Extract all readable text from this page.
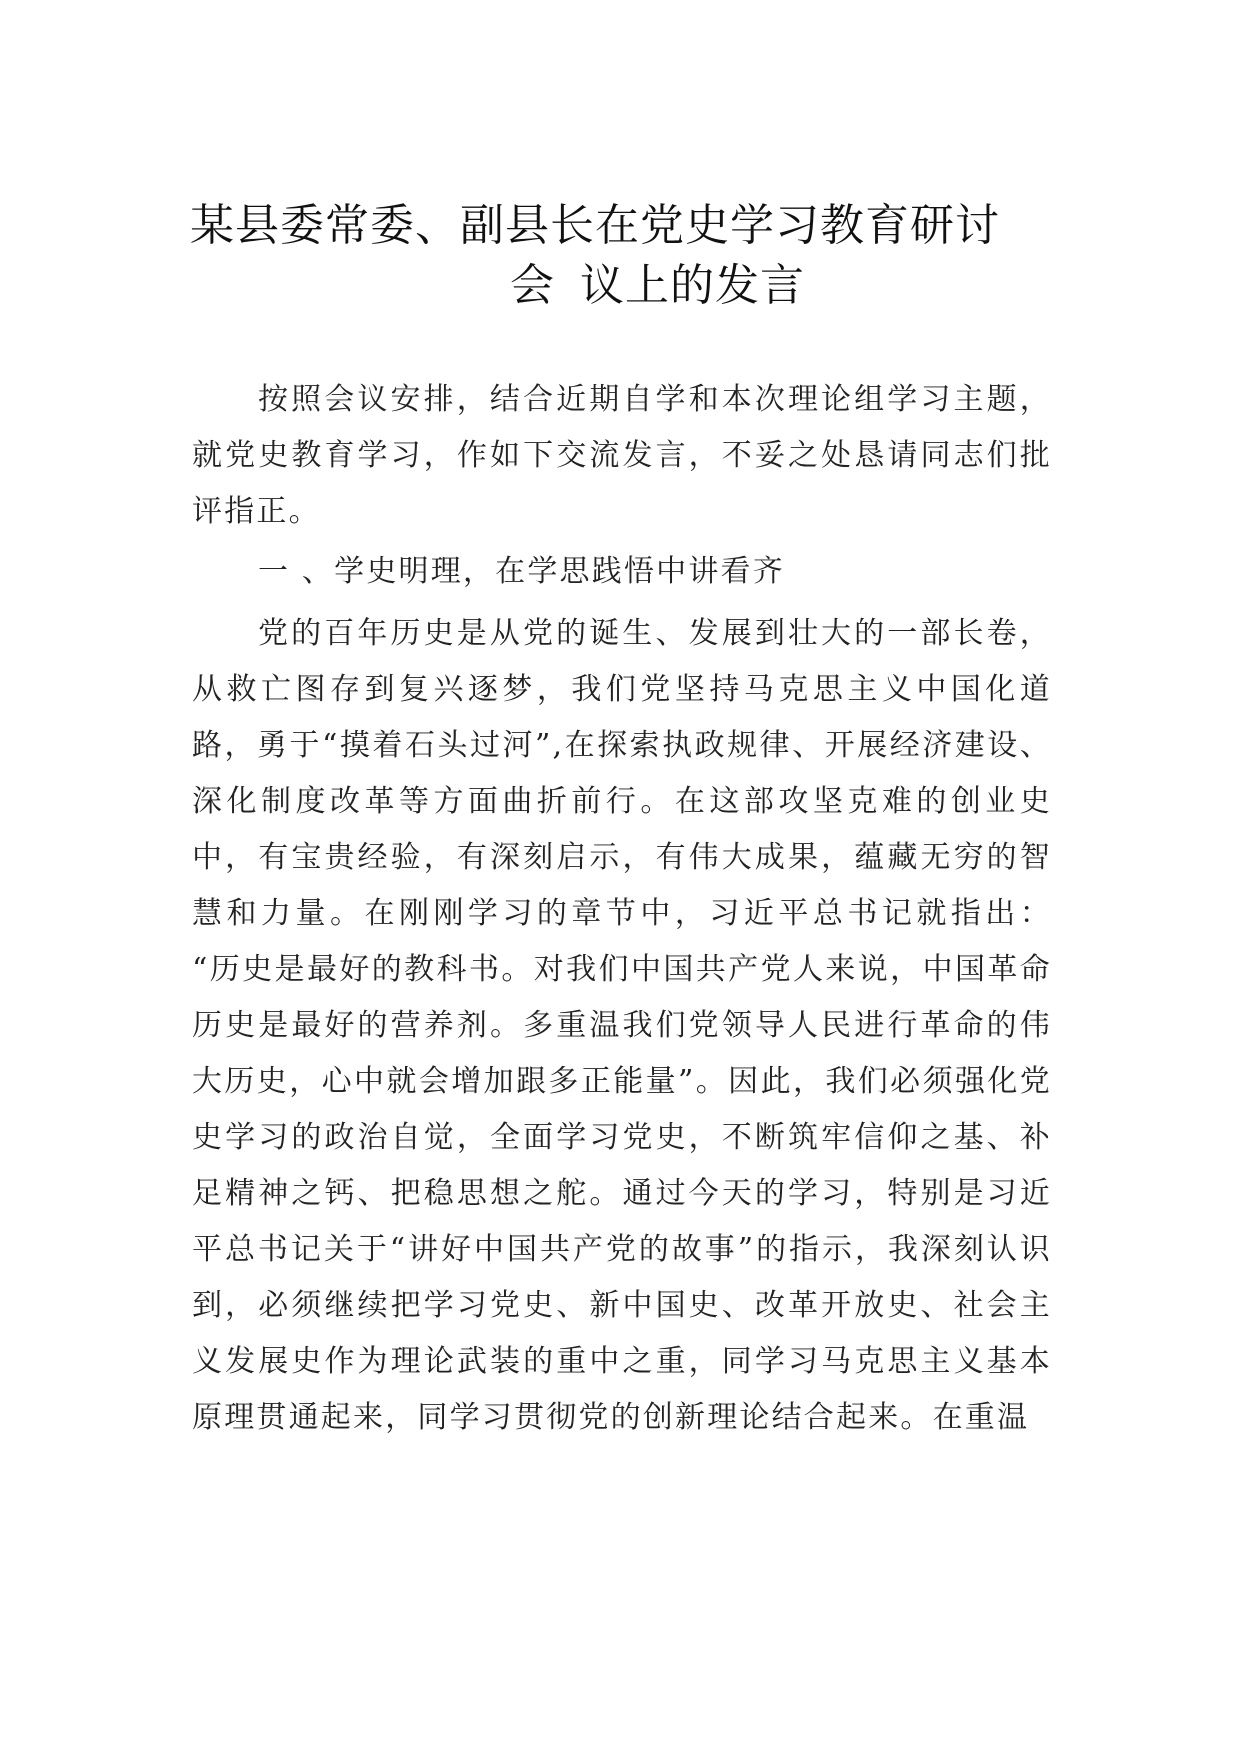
某县委常委、副县长在党史学习教育研讨
会 议上的发言

按照会议安排，结合近期自学和本次理论组学习主题，就党史教育学习，作如下交流发言，不妥之处恳请同志们批评指正。

一 、学史明理，在学思践悟中讲看齐

党的百年历史是从党的诞生、发展到壮大的一部长卷，从救亡图存到复兴逐梦，我们党坚持马克思主义中国化道路，勇于“摸着石头过河”,在探索执政规律、开展经济建设、深化制度改革等方面曲折前行。在这部攻坚克难的创业史中，有宝贵经验，有深刻启示，有伟大成果，蕴藏无穷的智慧和力量。在刚刚学习的章节中，习近平总书记就指出： “历史是最好的教科书。对我们中国共产党人来说，中国革命历史是最好的营养剂。多重温我们党领导人民进行革命的伟大历史，心中就会增加跟多正能量”。因此，我们必须强化党史学习的政治自觉，全面学习党史，不断筑牢信仰之基、补足精神之钙、把稳思想之舵。通过今天的学习，特别是习近平总书记关于“讲好中国共产党的故事”的指示，我深刻认识到，必须继续把学习党史、新中国史、改革开放史、社会主义发展史作为理论武装的重中之重，同学习马克思主义基本原理贯通起来，同学习贯彻党的创新理论结合起来。在重温
